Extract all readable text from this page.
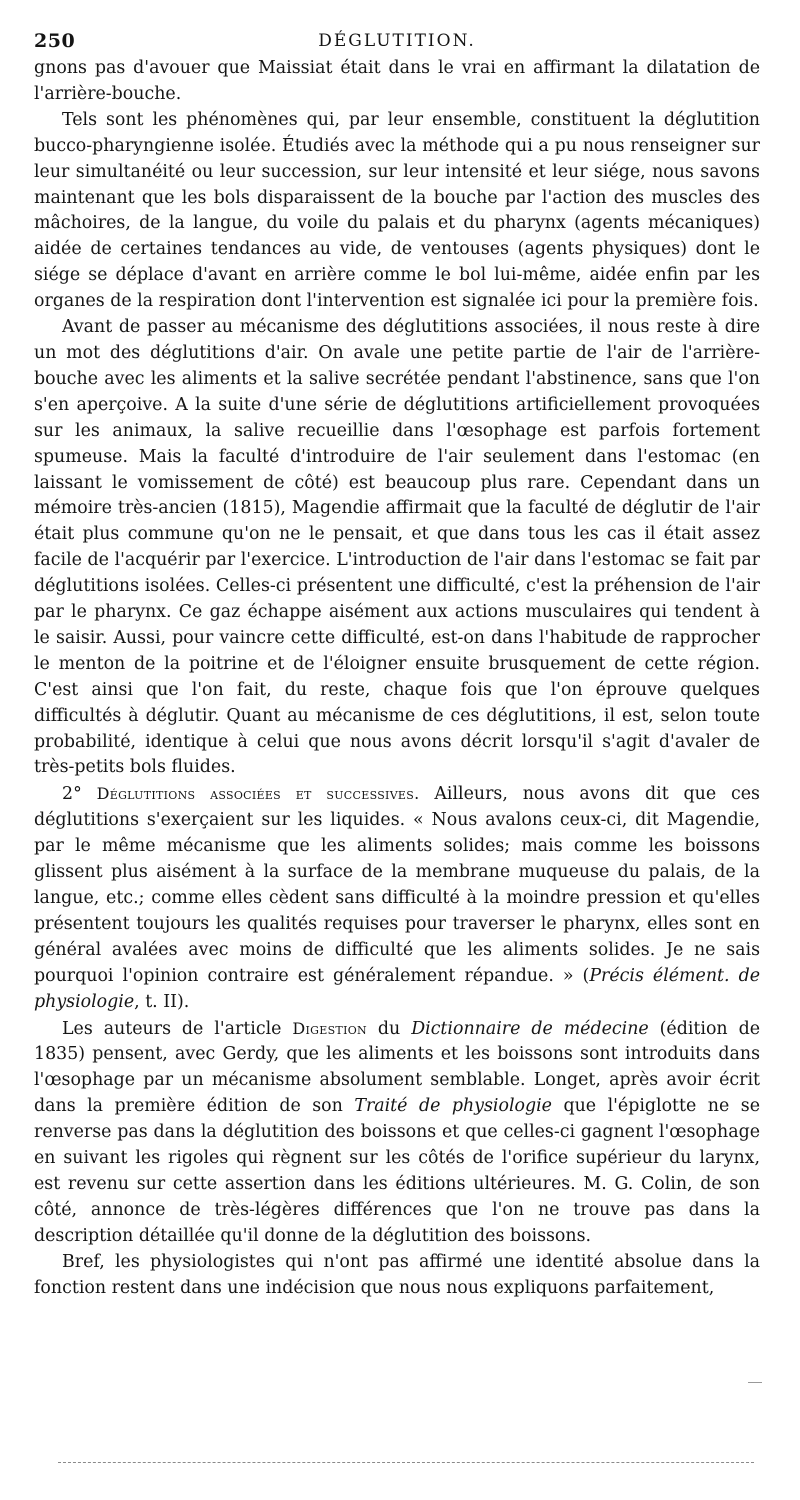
250	DÉGLUTITION.

gnons pas d'avouer que Maissiat était dans le vrai en affirmant la dilatation de l'arrière-bouche.

Tels sont les phénomènes qui, par leur ensemble, constituent la déglutition bucco-pharyngienne isolée. Étudiés avec la méthode qui a pu nous renseigner sur leur simultanéité ou leur succession, sur leur intensité et leur siége, nous savons maintenant que les bols disparaissent de la bouche par l'action des muscles des mâchoires, de la langue, du voile du palais et du pharynx (agents mécaniques) aidée de certaines tendances au vide, de ventouses (agents physiques) dont le siége se déplace d'avant en arrière comme le bol lui-même, aidée enfin par les organes de la respiration dont l'intervention est signalée ici pour la première fois.

Avant de passer au mécanisme des déglutitions associées, il nous reste à dire un mot des déglutitions d'air. On avale une petite partie de l'air de l'arrière-bouche avec les aliments et la salive secrétée pendant l'abstinence, sans que l'on s'en aperçoive. A la suite d'une série de déglutitions artificiellement provoquées sur les animaux, la salive recueillie dans l'œsophage est parfois fortement spumeuse. Mais la faculté d'introduire de l'air seulement dans l'estomac (en laissant le vomissement de côté) est beaucoup plus rare. Cependant dans un mémoire très-ancien (1815), Magendie affirmait que la faculté de déglutir de l'air était plus commune qu'on ne le pensait, et que dans tous les cas il était assez facile de l'acquérir par l'exercice. L'introduction de l'air dans l'estomac se fait par déglutitions isolées. Celles-ci présentent une difficulté, c'est la préhension de l'air par le pharynx. Ce gaz échappe aisément aux actions musculaires qui tendent à le saisir. Aussi, pour vaincre cette difficulté, est-on dans l'habitude de rapprocher le menton de la poitrine et de l'éloigner ensuite brusquement de cette région. C'est ainsi que l'on fait, du reste, chaque fois que l'on éprouve quelques difficultés à déglutir. Quant au mécanisme de ces déglutitions, il est, selon toute probabilité, identique à celui que nous avons décrit lorsqu'il s'agit d'avaler de très-petits bols fluides.

2° Déglutitions associées et successives. Ailleurs, nous avons dit que ces déglutitions s'exerçaient sur les liquides. « Nous avalons ceux-ci, dit Magendie, par le même mécanisme que les aliments solides; mais comme les boissons glissent plus aisément à la surface de la membrane muqueuse du palais, de la langue, etc.; comme elles cèdent sans difficulté à la moindre pression et qu'elles présentent toujours les qualités requises pour traverser le pharynx, elles sont en général avalées avec moins de difficulté que les aliments solides. Je ne sais pourquoi l'opinion contraire est généralement répandue. » (Précis élément. de physiologie, t. II).

Les auteurs de l'article Digestion du Dictionnaire de médecine (édition de 1835) pensent, avec Gerdy, que les aliments et les boissons sont introduits dans l'œsophage par un mécanisme absolument semblable. Longet, après avoir écrit dans la première édition de son Traité de physiologie que l'épiglotte ne se renverse pas dans la déglutition des boissons et que celles-ci gagnent l'œsophage en suivant les rigoles qui règnent sur les côtés de l'orifice supérieur du larynx, est revenu sur cette assertion dans les éditions ultérieures. M. G. Colin, de son côté, annonce de très-légères différences que l'on ne trouve pas dans la description détaillée qu'il donne de la déglutition des boissons.

Bref, les physiologistes qui n'ont pas affirmé une identité absolue dans la fonction restent dans une indécision que nous nous expliquons parfaitement,
